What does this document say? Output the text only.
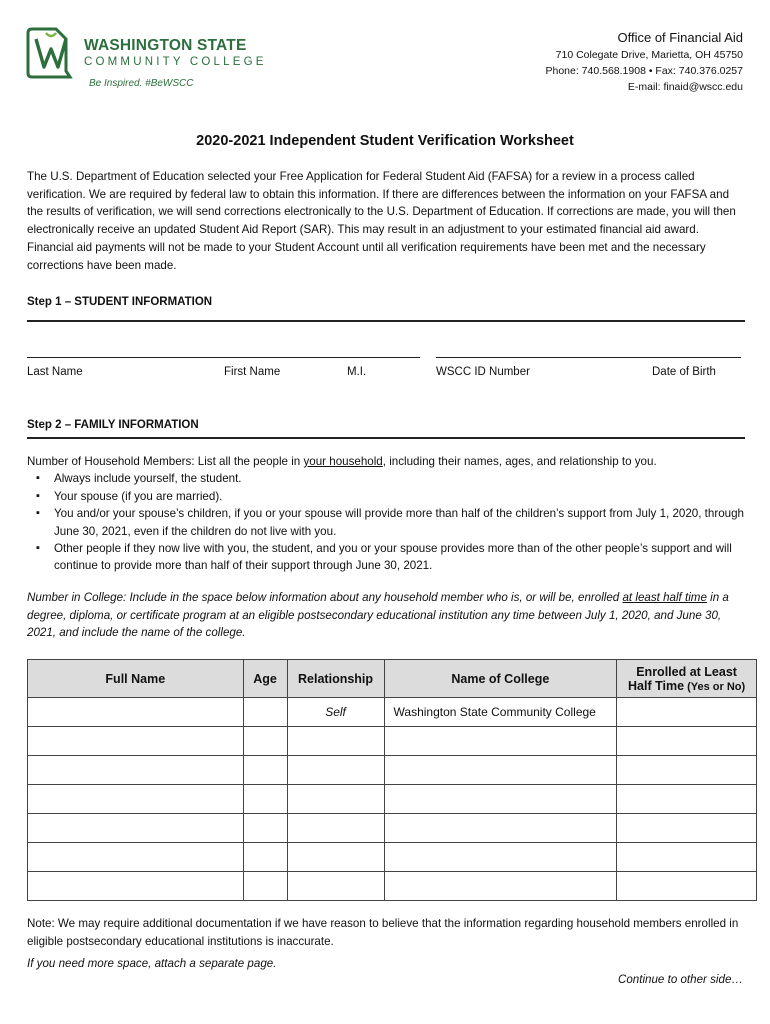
WASHINGTON STATE
COMMUNITY COLLEGE
Be Inspired. #BeWSCC
Office of Financial Aid
710 Colegate Drive, Marietta, OH 45750
Phone: 740.568.1908 • Fax: 740.376.0257
E-mail: finaid@wscc.edu
2020-2021 Independent Student Verification Worksheet
The U.S. Department of Education selected your Free Application for Federal Student Aid (FAFSA) for a review in a process called verification. We are required by federal law to obtain this information. If there are differences between the information on your FAFSA and the results of verification, we will send corrections electronically to the U.S. Department of Education. If corrections are made, you will then electronically receive an updated Student Aid Report (SAR). This may result in an adjustment to your estimated financial aid award. Financial aid payments will not be made to your Student Account until all verification requirements have been met and the necessary corrections have been made.
Step 1 – STUDENT INFORMATION
Last Name	First Name	M.I.	WSCC ID Number	Date of Birth
Step 2 – FAMILY INFORMATION
Number of Household Members: List all the people in your household, including their names, ages, and relationship to you.
▪ Always include yourself, the student.
▪ Your spouse (if you are married).
▪ You and/or your spouse’s children, if you or your spouse will provide more than half of the children’s support from July 1, 2020, through June 30, 2021, even if the children do not live with you.
▪ Other people if they now live with you, the student, and you or your spouse provides more than of the other people’s support and will continue to provide more than half of their support through June 30, 2021.
Number in College: Include in the space below information about any household member who is, or will be, enrolled at least half time in a degree, diploma, or certificate program at an eligible postsecondary educational institution any time between July 1, 2020, and June 30, 2021, and include the name of the college.
Full Name	Age	Relationship	Name of College	Enrolled at Least
Half Time (Yes or No)

		Self	Washington State Community College	

Note: We may require additional documentation if we have reason to believe that the information regarding household members enrolled in eligible postsecondary educational institutions is inaccurate.
If you need more space, attach a separate page.
Continue to other side…
